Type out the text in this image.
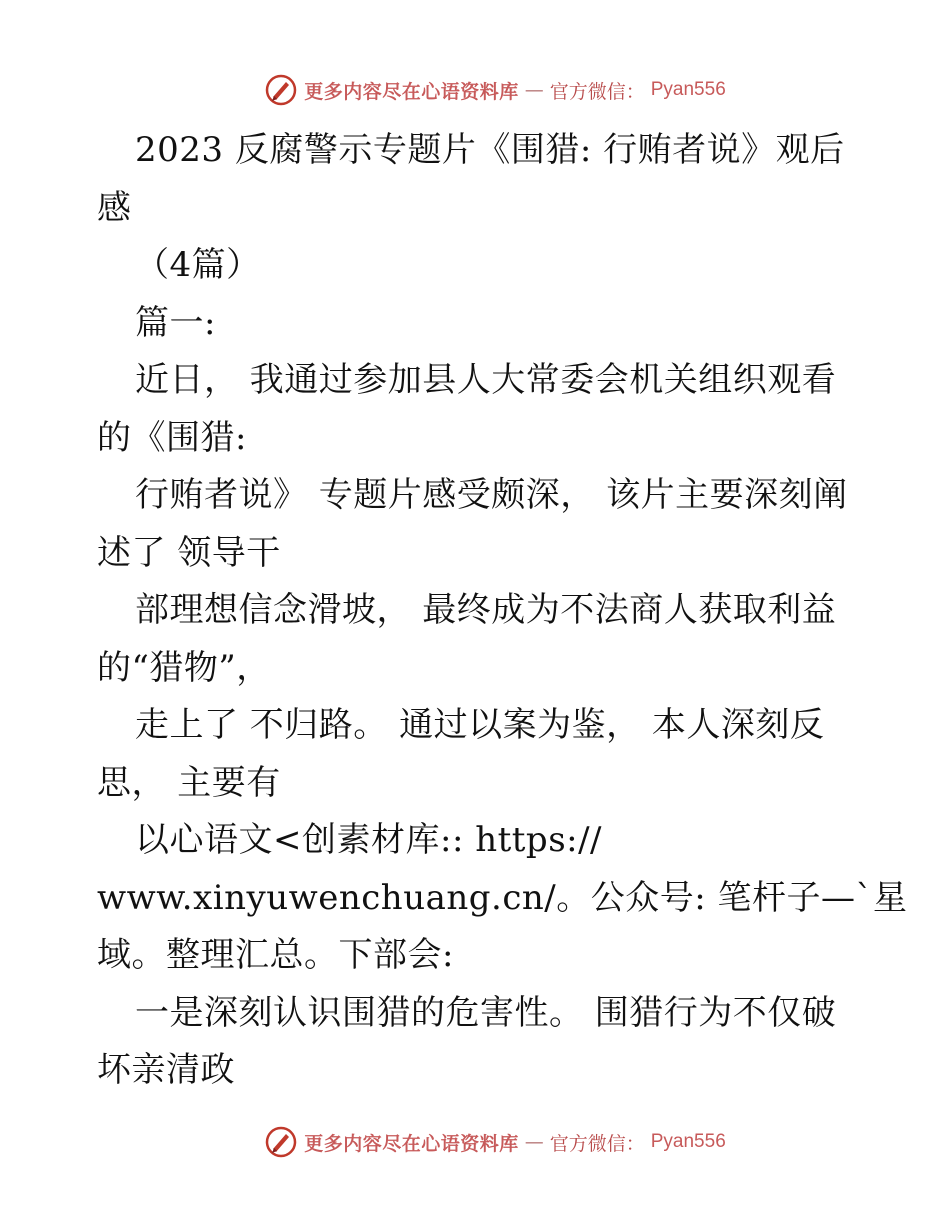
更多内容尽在心语资料库 — 官方微信： Pyan556
2023 反腐警示专题片《围猎: 行贿者说》观后
感
（4篇）
篇一:
近日， 我通过参加县人大常委会机关组织观看
的《围猎:
行贿者说》 专题片感受颇深， 该片主要深刻阐
述了 领导干
部理想信念滑坡， 最终成为不法商人获取利益
的“猎物”，
走上了 不归路。 通过以案为鉴， 本人深刻反
思， 主要有
以心语文<创素材库:: https://
www.xinyuwenchuang.cn/。公众号: 笔杆子—`星
域。整理汇总。下部会:
一是深刻认识围猎的危害性。 围猎行为不仅破
坏亲清政
更多内容尽在心语资料库 — 官方微信： Pyan556
